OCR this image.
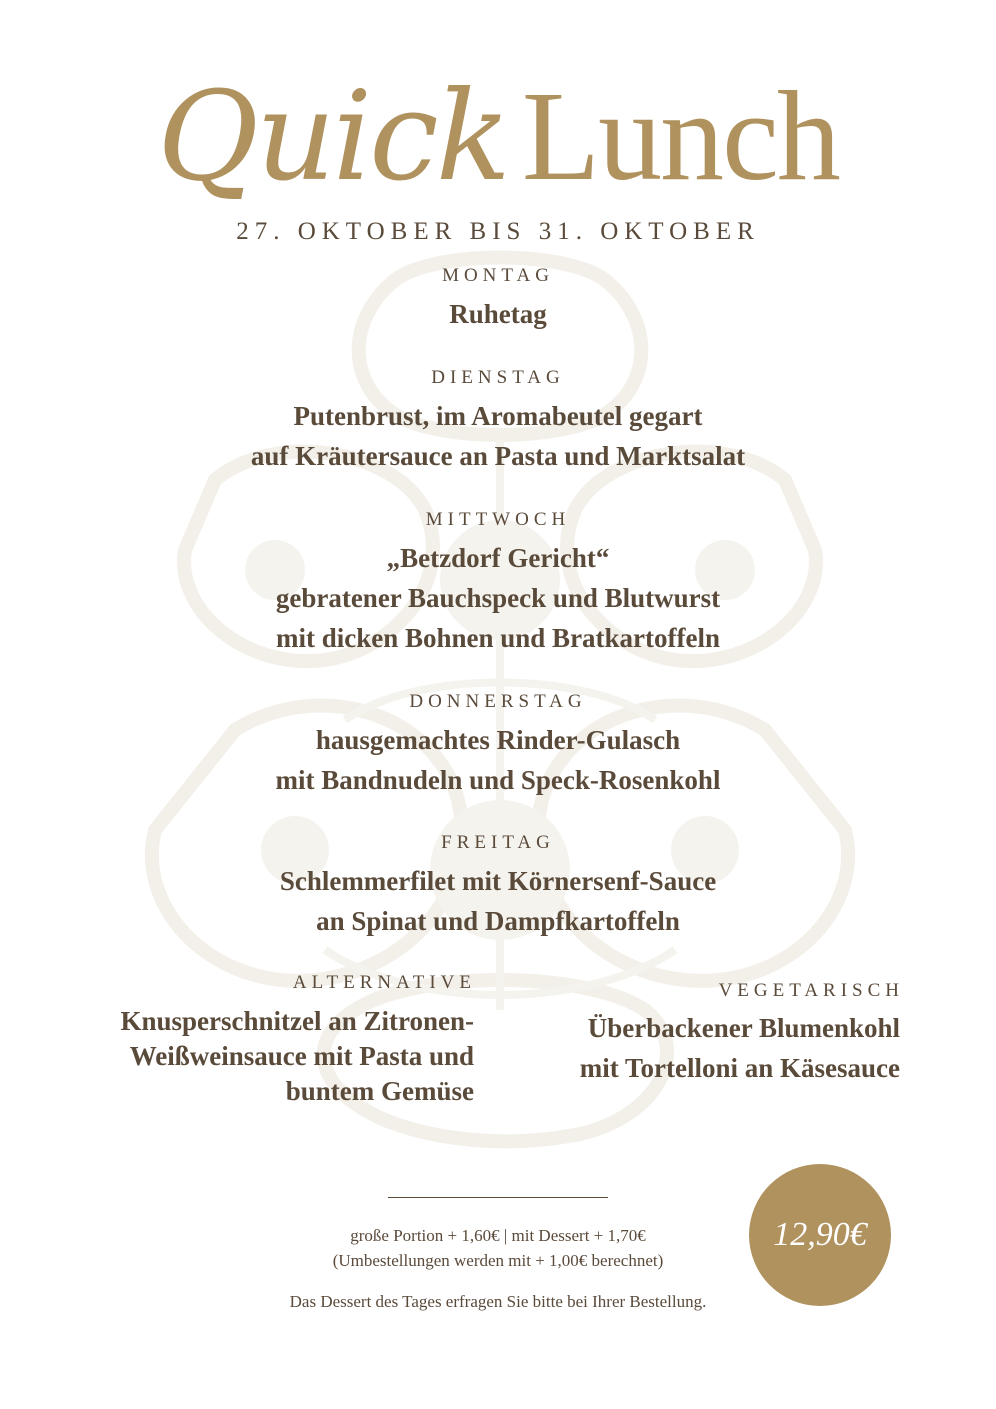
Quick Lunch
27. OKTOBER BIS 31. OKTOBER
MONTAG
Ruhetag
DIENSTAG
Putenbrust, im Aromabeutel gegart
auf Kräutersauce an Pasta und Marktsalat
MITTWOCH
„Betzdorf Gericht“
gebratener Bauchspeck und Blutwurst
mit dicken Bohnen und Bratkartoffeln
DONNERSTAG
hausgemachtes Rinder-Gulasch
mit Bandnudeln und Speck-Rosenkohl
FREITAG
Schlemmerfilet mit Körnersenf-Sauce
an Spinat und Dampfkartoffeln
ALTERNATIVE
Knusperschnitzel an Zitronen-
Weißweinsauce mit Pasta und
buntem Gemüse
VEGETARISCH
Überbackener Blumenkohl
mit Tortelloni an Käsesauce
große Portion + 1,60€ | mit Dessert + 1,70€
(Umbestellungen werden mit + 1,00€ berechnet)
Das Dessert des Tages erfragen Sie bitte bei Ihrer Bestellung.
12,90€
